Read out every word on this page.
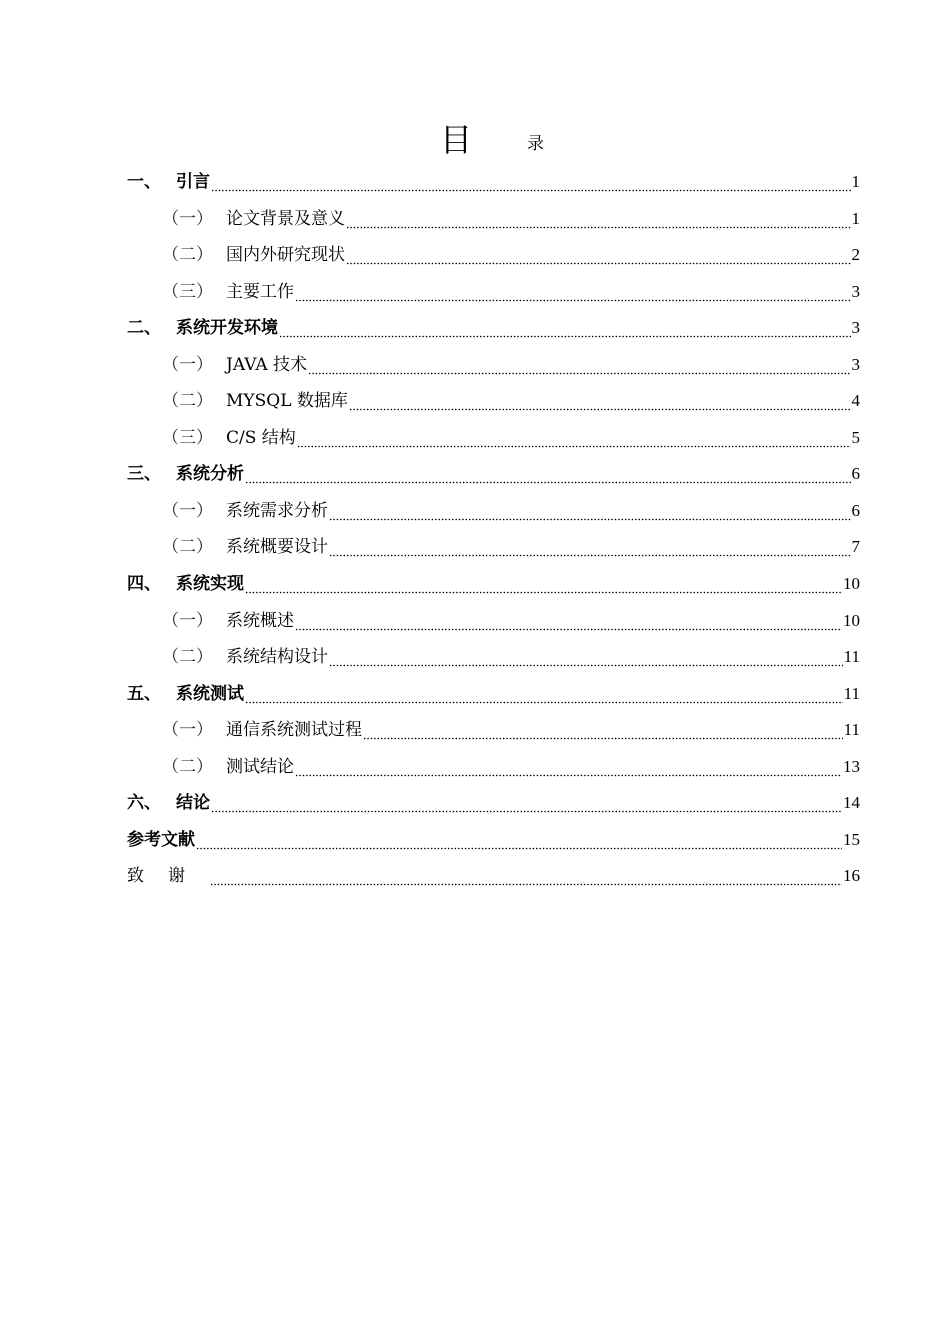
目	录
一、 引言	1
（一） 论文背景及意义	1
（二） 国内外研究现状	2
（三） 主要工作	3
二、 系统开发环境	3
（一） JAVA 技术	3
（二） MYSQL 数据库	4
（三） C/S 结构	5
三、 系统分析	6
（一） 系统需求分析	6
（二） 系统概要设计	7
四、 系统实现	10
（一） 系统概述	10
（二） 系统结构设计	11
五、 系统测试	11
（一） 通信系统测试过程	11
（二） 测试结论	13
六、 结论	14
参考文献	15
致谢	16
